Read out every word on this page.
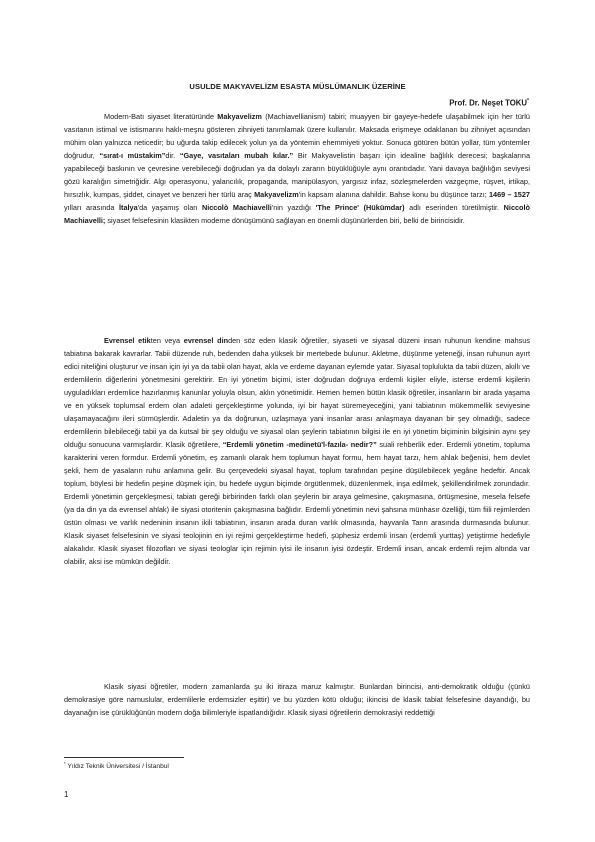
USULDE MAKYAVELİZM ESASTA MÜSLÜMANLIK ÜZERİNE
Prof. Dr. Neşet TOKU*

Modern-Batı siyaset literatüründe Makyavelizm (Machiavellianism) tabiri; muayyen bir gayeye-hedefe ulaşabilmek için her türlü vasıtanın istimal ve istismarını haklı-meşru gösteren zihniyeti tanımlamak üzere kullanılır. Maksada erişmeye odaklanan bu zihniyet açısından mühim olan yalnızca neticedir; bu uğurda takip edilecek yolun ya da yöntemin ehemmiyeti yoktur. Sonuca götüren bütün yollar, tüm yöntemler doğrudur, “sırat-ı müstakim”dir. “Gaye, vasıtaları mubah kılar.” Bir Makyavelistin başarı için idealine bağlılık derecesi; başkalarına yapabileceği baskının ve çevresine verebileceği doğrudan ya da dolaylı zararın büyüklüğüyle aynı orantıdadır. Yani davaya bağlılığın seviyesi gözü karalığın simetriğidir. Algı operasyonu, yalancılık, propaganda, manipülasyon, yargısız infaz, sözleşmelerden vazgeçme, rüşvet, irtikap, hırsızlık, kumpas, şiddet, cinayet ve benzeri her türlü araç Makyavelizm'in kapsam alanına dahildir. Bahse konu bu düşünce tarzı; 1469 – 1527 yılları arasında İtalya'da yaşamış olan Niccolò Machiavelli'nin yazdığı 'The Prince' (Hükümdar) adlı eserinden türetilmiştir. Niccolò Machiavelli; siyaset felsefesinin klasikten moderne dönüşümünü sağlayan en önemli düşünürlerden biri, belki de birincisidir.

Evrensel etikten veya evrensel dinden söz eden klasik öğretiler, siyaseti ve siyasal düzeni insan ruhunun kendine mahsus tabiatına bakarak kavrarlar. Tabii düzende ruh, bedenden daha yüksek bir mertebede bulunur. Akletme, düşünme yeteneği, insan ruhunun ayırt edici niteliğini oluşturur ve insan için iyi ya da tabii olan hayat, akla ve erdeme dayanan eylemde yatar. Siyasal toplulukta da tabii düzen, akıllı ve erdemlilerin diğerlerini yönetmesini gerektirir. En iyi yönetim biçimi, ister doğrudan doğruya erdemli kişiler eliyle, isterse erdemli kişilerin uyguladıkları erdemlice hazırlanmış kanunlar yoluyla olsun, aklın yönetimidir. Hemen hemen bütün klasik öğretiler, insanların bir arada yaşama ve en yüksek toplumsal erdem olan adaleti gerçekleştirme yolunda, iyi bir hayat süremeyeceğini, yani tabiatının mükemmellik seviyesine ulaşamayacağını ileri sürmüşlerdir. Adaletin ya da doğrunun, uzlaşmaya yani insanlar arası anlaşmaya dayanan bir şey olmadığı, sadece erdemlilerin bilebileceği tabii ya da kutsal bir şey olduğu ve siyasal olan şeylerin tabiatının bilgisi ile en iyi yönetim biçiminin bilgisinin aynı şey olduğu sonucuna varmışlardır. Klasik öğretilere, “Erdemli yönetim -medinetü'l-fazıla- nedir?” suali rehberlik eder. Erdemli yönetim, topluma karakterini veren formdur. Erdemli yönetim, eş zamanlı olarak hem toplumun hayat formu, hem hayat tarzı, hem ahlak beğenisi, hem devlet şekli, hem de yasaların ruhu anlamına gelir. Bu çerçevedeki siyasal hayat, toplum tarafından peşine düşülebilecek yegâne hedeftir. Ancak toplum, böylesi bir hedefin peşine düşmek için, bu hedefe uygun biçimde örgütlenmek, düzenlenmek, inşa edilmek, şekillendirilmek zorundadır. Erdemli yönetimin gerçekleşmesi, tabiatı gereği birbirinden farklı olan şeylerin bir araya gelmesine, çakışmasına, örtüşmesine, mesela felsefe (ya da din ya da evrensel ahlak) ile siyasi otoritenin çakışmasına bağlıdır. Erdemli yönetimin nevi şahsına münhasır özelliği, tüm fiili rejimlerden üstün olması ve varlık nedeninin insanın ikili tabiatının, insanın arada duran varlık olmasında, hayvanla Tanrı arasında durmasında bulunur. Klasik siyaset felsefesinin ve siyasi teolojinin en iyi rejimi gerçekleştirme hedefi, şüphesiz erdemli insan (erdemli yurttaş) yetiştirme hedefiyle alakalıdır. Klasik siyaset filozofları ve siyasi teologlar için rejimin iyisi ile insanın iyisi özdeştir. Erdemli insan, ancak erdemli rejim altında var olabilir, aksi ise mümkün değildir.

Klasik siyasi öğretiler, modern zamanlarda şu iki itiraza maruz kalmıştır. Bunlardan birincisi, anti-demokratik olduğu (çünkü demokrasiye göre namuslular, erdemlilerle erdemsizler eşittir) ve bu yüzden kötü olduğu; ikincisi de klasik tabiat felsefesine dayandığı, bu dayanağın ise çürüklüğünün modern doğa bilimleriyle ispatlandığıdır. Klasik siyasi öğretilerin demokrasiyi reddettiği

* Yıldız Teknik Üniversitesi / İstanbul
1
